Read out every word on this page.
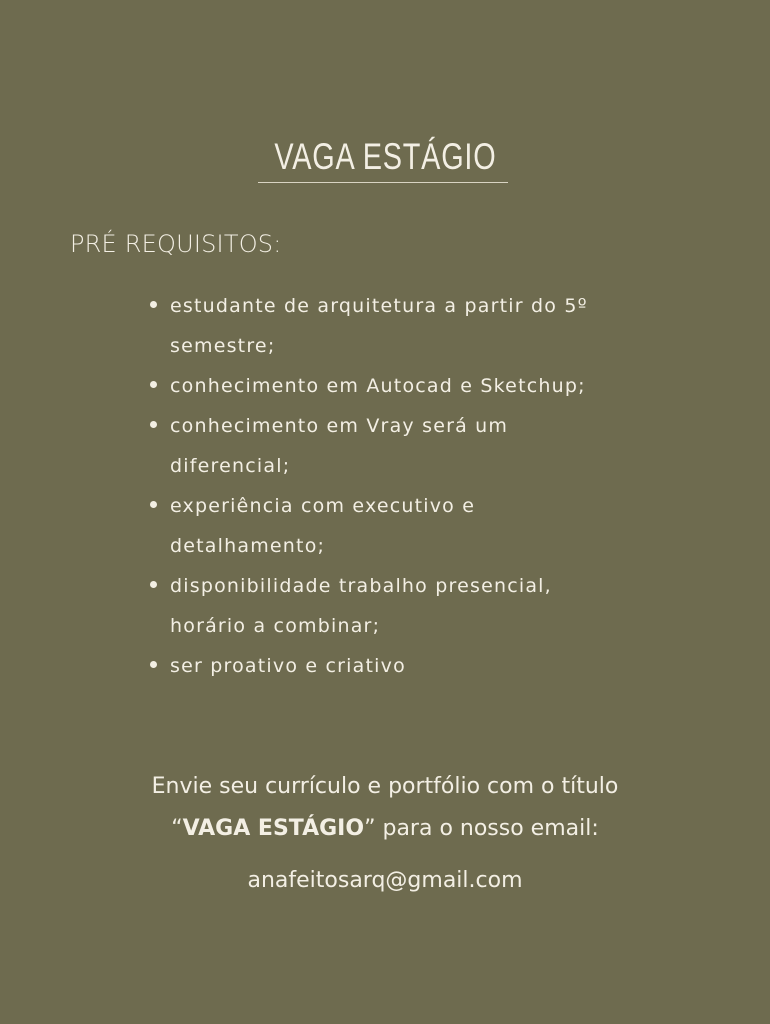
VAGA ESTÁGIO
PRÉ REQUISITOS:
estudante de arquitetura a partir do 5º semestre;
conhecimento em Autocad e Sketchup;
conhecimento em Vray será um diferencial;
experiência com executivo e detalhamento;
disponibilidade trabalho presencial, horário a combinar;
ser proativo e criativo

Envie seu currículo e portfólio com o título
“VAGA ESTÁGIO” para o nosso email:

anafeitosarq@gmail.com
